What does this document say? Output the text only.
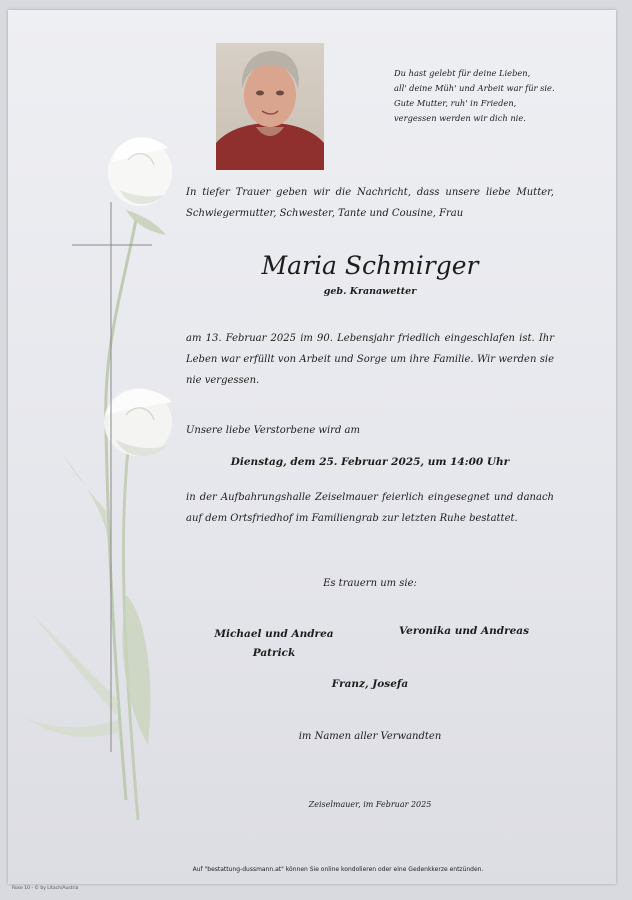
Du hast gelebt für deine Lieben,
all' deine Müh' und Arbeit war für sie.
Gute Mutter, ruh' in Frieden,
vergessen werden wir dich nie.
In tiefer Trauer geben wir die Nachricht, dass unsere liebe Mutter, Schwiegermutter, Schwester, Tante und Cousine, Frau
Maria Schmirger
geb. Kranawetter
am 13. Februar 2025 im 90. Lebensjahr friedlich eingeschlafen ist. Ihr Leben war erfüllt von Arbeit und Sorge um ihre Familie. Wir werden sie nie vergessen.
Unsere liebe Verstorbene wird am
Dienstag, dem 25. Februar 2025, um 14:00 Uhr
in der Aufbahrungshalle Zeiselmauer feierlich eingesegnet und danach auf dem Ortsfriedhof im Familiengrab zur letzten Ruhe bestattet.
Es trauern um sie:
Michael und Andrea
Patrick
Veronika und Andreas
Franz, Josefa
im Namen aller Verwandten
Zeiselmauer, im Februar 2025
Auf "bestattung-dussmann.at" können Sie online kondolieren oder eine Gedenkkerze entzünden.
Rose 10 - © by Litach/Austria
